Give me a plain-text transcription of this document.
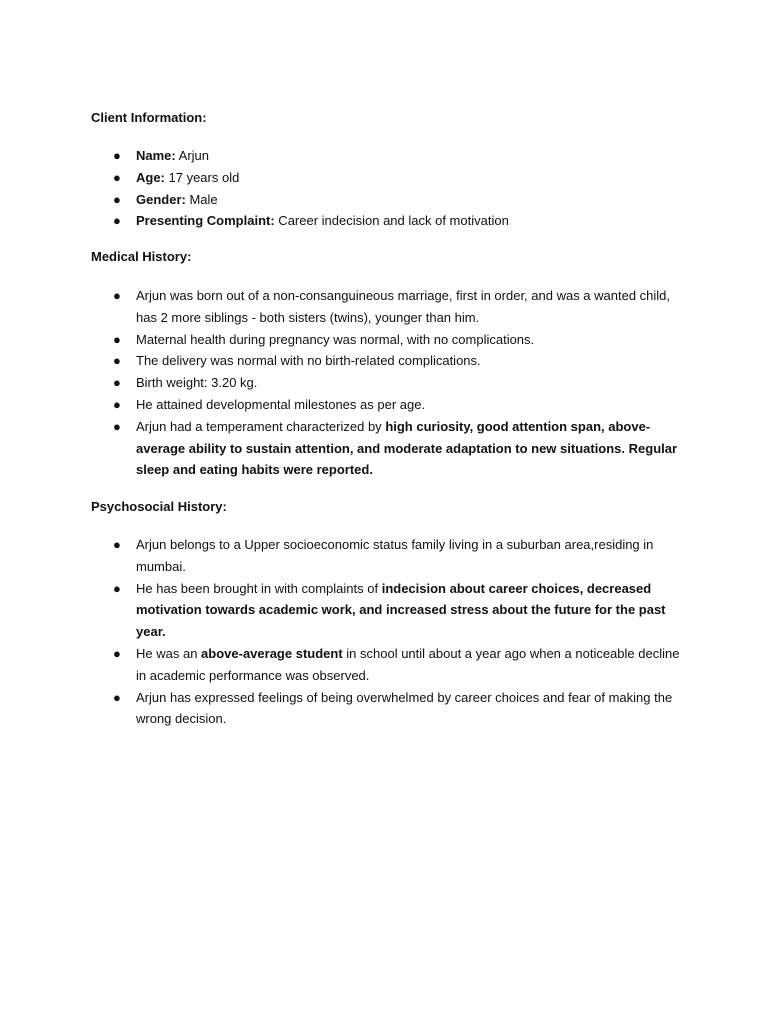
Client Information:
● Name: Arjun
● Age: 17 years old
● Gender: Male
● Presenting Complaint: Career indecision and lack of motivation
Medical History:
● Arjun was born out of a non-consanguineous marriage, first in order, and was a wanted child, has 2 more siblings - both sisters (twins), younger than him.
● Maternal health during pregnancy was normal, with no complications.
● The delivery was normal with no birth-related complications.
● Birth weight: 3.20 kg.
● He attained developmental milestones as per age.
● Arjun had a temperament characterized by high curiosity, good attention span, above-average ability to sustain attention, and moderate adaptation to new situations. Regular sleep and eating habits were reported.
Psychosocial History:
● Arjun belongs to a Upper socioeconomic status family living in a suburban area,residing in mumbai.
● He has been brought in with complaints of indecision about career choices, decreased motivation towards academic work, and increased stress about the future for the past year.
● He was an above-average student in school until about a year ago when a noticeable decline in academic performance was observed.
● Arjun has expressed feelings of being overwhelmed by career choices and fear of making the wrong decision.
